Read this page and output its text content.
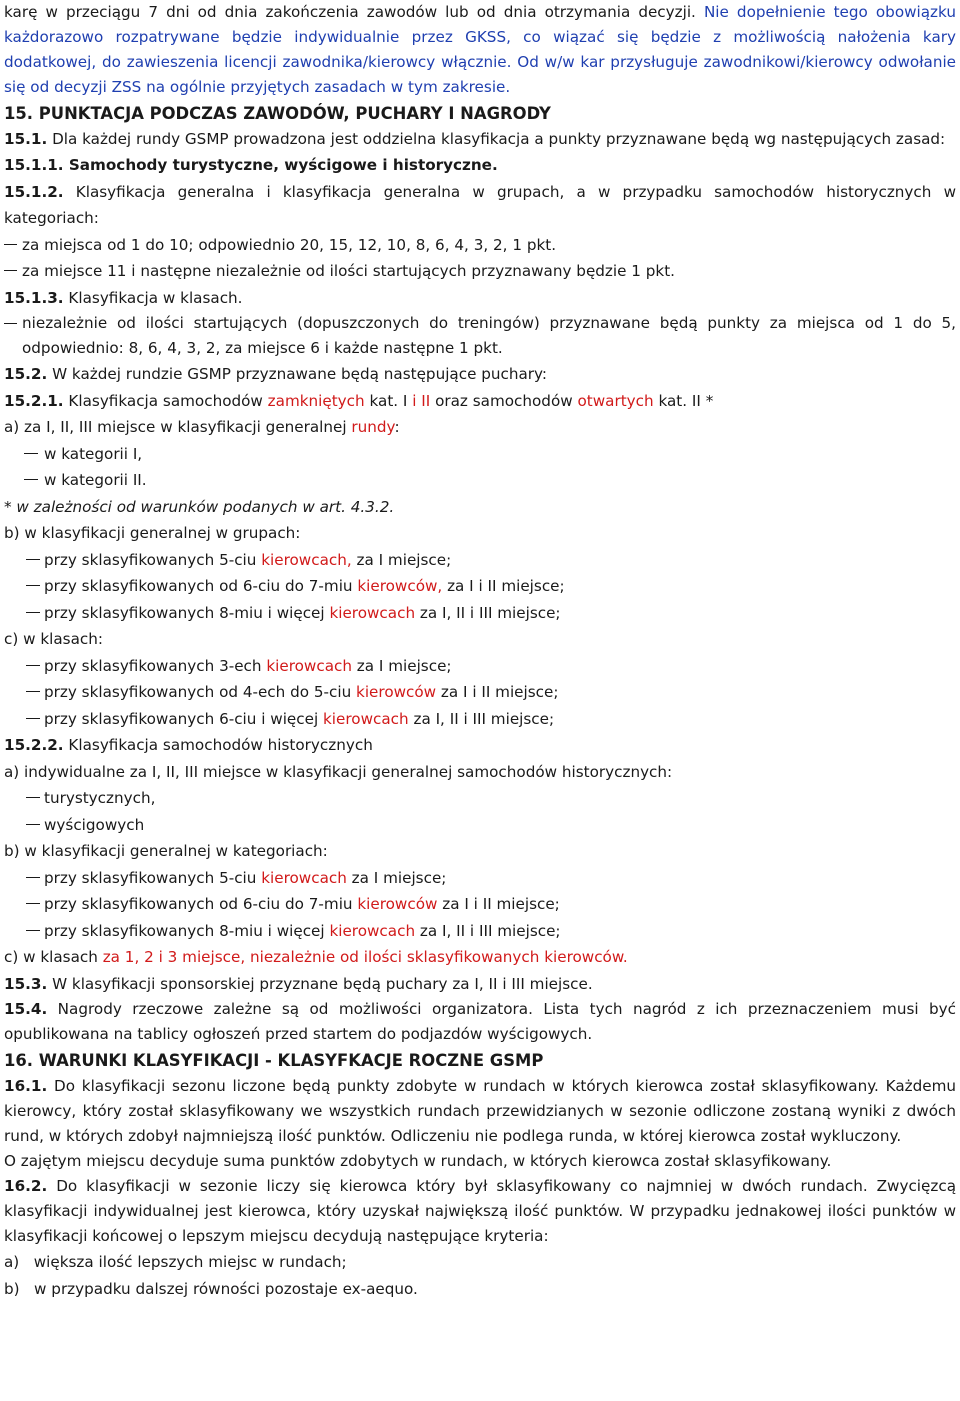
karę w przeciągu 7 dni od dnia zakończenia zawodów lub od dnia otrzymania decyzji. Nie dopełnienie tego obowiązku każdorazowo rozpatrywane będzie indywidualnie przez GKSS, co wiązać się będzie z możliwością nałożenia kary dodatkowej, do zawieszenia licencji zawodnika/kierowcy włącznie. Od w/w kar przysługuje zawodnikowi/kierowcy odwołanie się od decyzji ZSS na ogólnie przyjętych zasadach w tym zakresie.

15. PUNKTACJA PODCZAS ZAWODÓW, PUCHARY I NAGRODY

15.1. Dla każdej rundy GSMP prowadzona jest oddzielna klasyfikacja a punkty przyznawane będą wg następujących zasad:

15.1.1. Samochody turystyczne, wyścigowe i historyczne.

15.1.2. Klasyfikacja generalna i klasyfikacja generalna w grupach, a w przypadku samochodów historycznych w kategoriach:

za miejsca od 1 do 10; odpowiednio 20, 15, 12, 10, 8, 6, 4, 3, 2, 1 pkt.

za miejsce 11 i następne niezależnie od ilości startujących przyznawany będzie 1 pkt.

15.1.3. Klasyfikacja w klasach.

niezależnie od ilości startujących (dopuszczonych do treningów) przyznawane będą punkty za miejsca od 1 do 5, odpowiednio: 8, 6, 4, 3, 2, za miejsce 6 i każde następne 1 pkt.

15.2. W każdej rundzie GSMP przyznawane będą następujące puchary:

15.2.1. Klasyfikacja samochodów zamkniętych kat. I i II oraz samochodów otwartych kat. II *

a) za I, II, III miejsce w klasyfikacji generalnej rundy:

w kategorii I,

w kategorii II.

* w zależności od warunków podanych w art. 4.3.2.

b) w klasyfikacji generalnej w grupach:

przy sklasyfikowanych 5-ciu kierowcach, za I miejsce;

przy sklasyfikowanych od 6-ciu do 7-miu kierowców, za I i II miejsce;

przy sklasyfikowanych 8-miu i więcej kierowcach za I, II i III miejsce;

c) w klasach:

przy sklasyfikowanych 3-ech kierowcach za I miejsce;

przy sklasyfikowanych od 4-ech do 5-ciu kierowców za I i II miejsce;

przy sklasyfikowanych 6-ciu i więcej kierowcach za I, II i III miejsce;

15.2.2. Klasyfikacja samochodów historycznych

a) indywidualne za I, II, III miejsce w klasyfikacji generalnej samochodów historycznych:

turystycznych,

wyścigowych

b) w klasyfikacji generalnej w kategoriach:

przy sklasyfikowanych 5-ciu kierowcach za I miejsce;

przy sklasyfikowanych od 6-ciu do 7-miu kierowców za I i II miejsce;

przy sklasyfikowanych 8-miu i więcej kierowcach za I, II i III miejsce;

c) w klasach za 1, 2 i 3 miejsce, niezależnie od ilości sklasyfikowanych kierowców.

15.3. W klasyfikacji sponsorskiej przyznane będą puchary za I, II i III miejsce.

15.4. Nagrody rzeczowe zależne są od możliwości organizatora. Lista tych nagród z ich przeznaczeniem musi być opublikowana na tablicy ogłoszeń przed startem do podjazdów wyścigowych.

16. WARUNKI KLASYFIKACJI - KLASYFKACJE ROCZNE GSMP

16.1. Do klasyfikacji sezonu liczone będą punkty zdobyte w rundach w których kierowca został sklasyfikowany. Każdemu kierowcy, który został sklasyfikowany we wszystkich rundach przewidzianych w sezonie odliczone zostaną wyniki z dwóch rund, w których zdobył najmniejszą ilość punktów. Odliczeniu nie podlega runda, w której kierowca został wykluczony.

O zajętym miejscu decyduje suma punktów zdobytych w rundach, w których kierowca został sklasyfikowany.

16.2. Do klasyfikacji w sezonie liczy się kierowca który był sklasyfikowany co najmniej w dwóch rundach. Zwycięzcą klasyfikacji indywidualnej jest kierowca, który uzyskał największą ilość punktów. W przypadku jednakowej ilości punktów w klasyfikacji końcowej o lepszym miejscu decydują następujące kryteria:

a)   większa ilość lepszych miejsc w rundach;

b)   w przypadku dalszej równości pozostaje ex-aequo.
